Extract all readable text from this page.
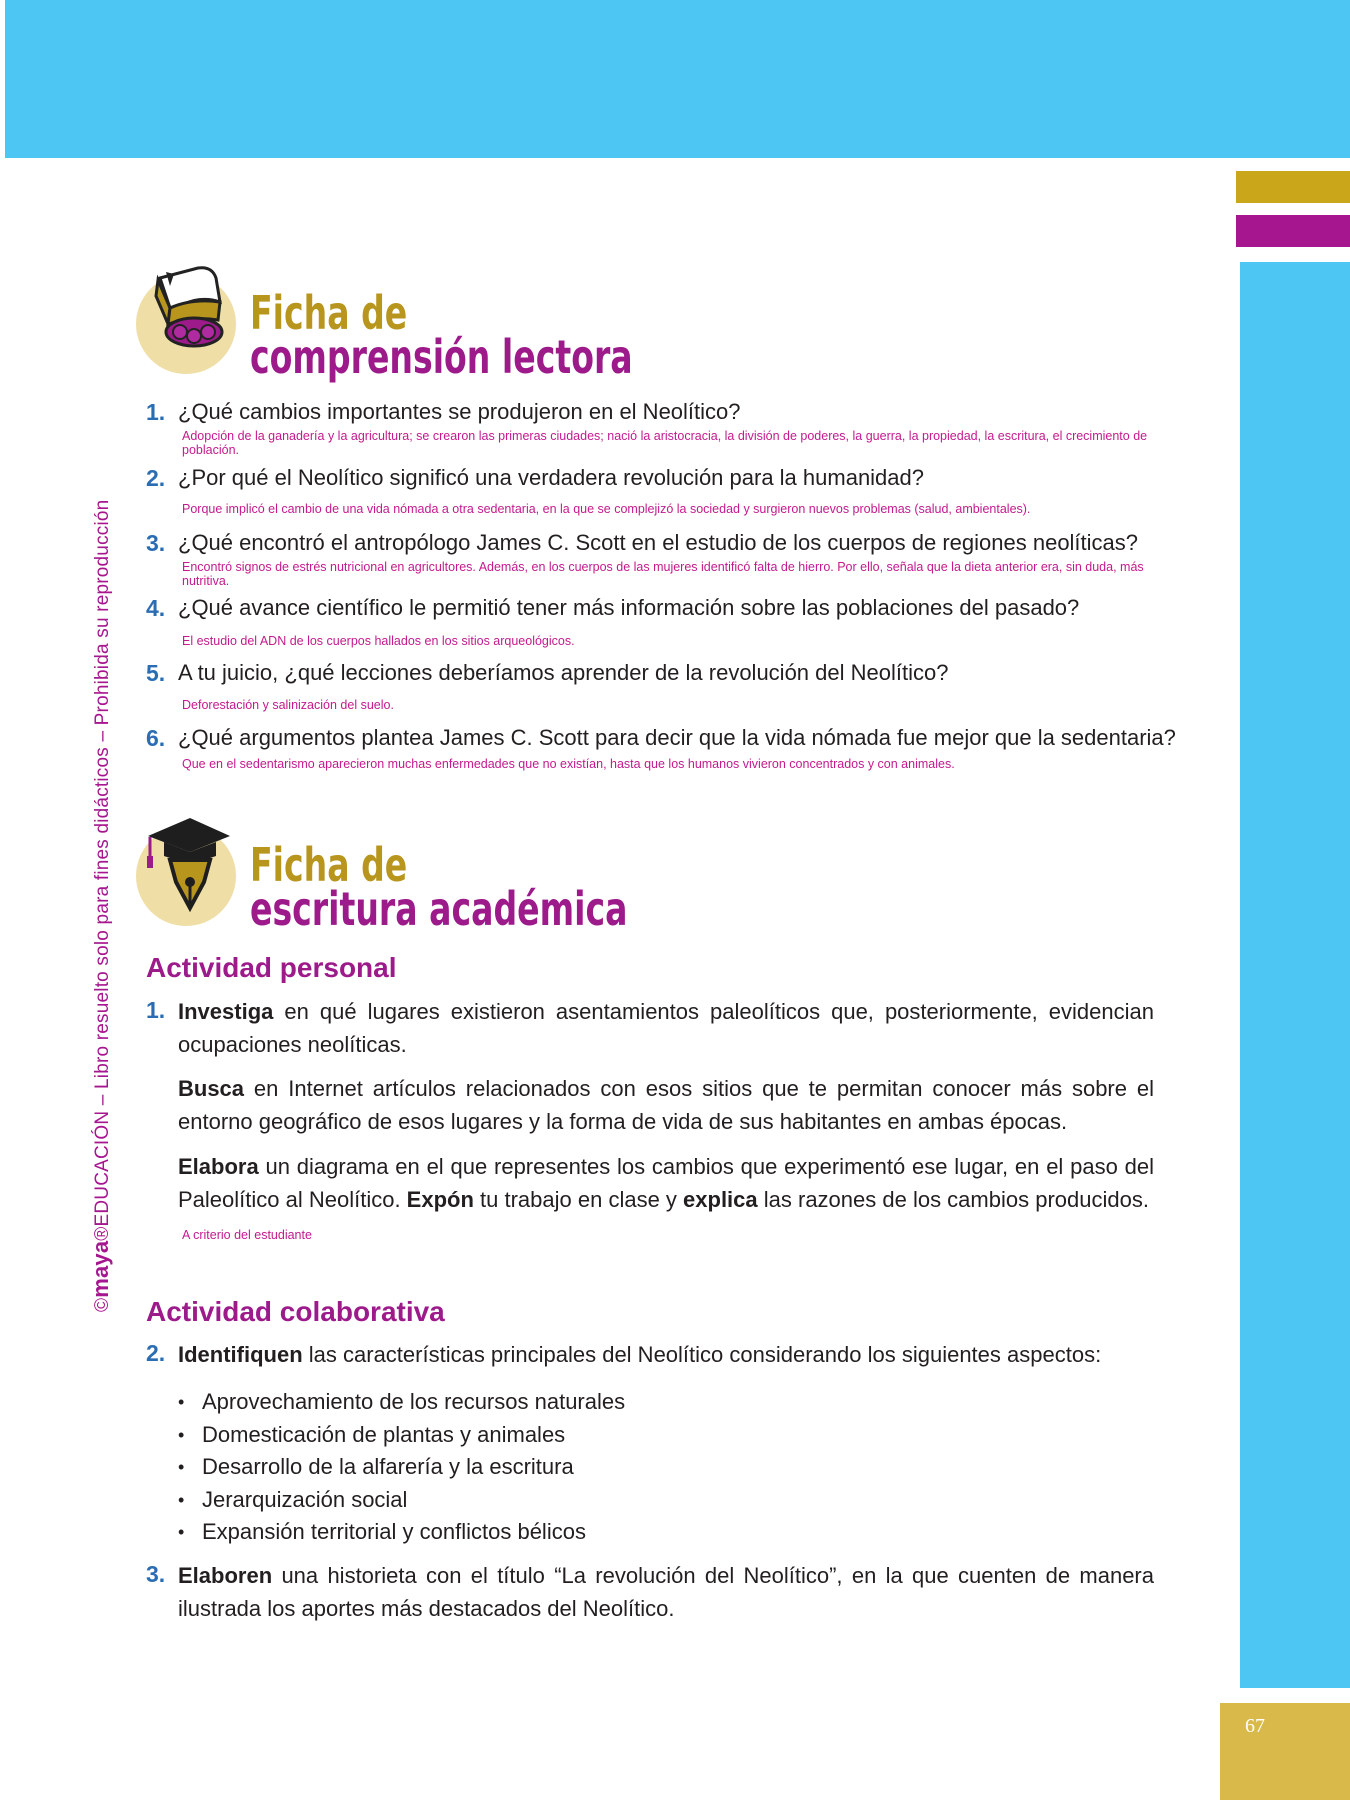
67
©maya®EDUCACIÓN – Libro resuelto solo para fines didácticos – Prohibida su reproducción
Ficha de
comprensión lectora
1. ¿Qué cambios importantes se produjeron en el Neolítico?
Adopción de la ganadería y la agricultura; se crearon las primeras ciudades; nació la aristocracia, la división de poderes, la guerra, la propiedad, la escritura, el crecimiento de población.
2. ¿Por qué el Neolítico significó una verdadera revolución para la humanidad?
Porque implicó el cambio de una vida nómada a otra sedentaria, en la que se complejizó la sociedad y surgieron nuevos problemas (salud, ambientales).
3. ¿Qué encontró el antropólogo James C. Scott en el estudio de los cuerpos de regiones neolíticas?
Encontró signos de estrés nutricional en agricultores. Además, en los cuerpos de las mujeres identificó falta de hierro. Por ello, señala que la dieta anterior era, sin duda, más nutritiva.
4. ¿Qué avance científico le permitió tener más información sobre las poblaciones del pasado?
El estudio del ADN de los cuerpos hallados en los sitios arqueológicos.
5. A tu juicio, ¿qué lecciones deberíamos aprender de la revolución del Neolítico?
Deforestación y salinización del suelo.
6. ¿Qué argumentos plantea James C. Scott para decir que la vida nómada fue mejor que la sedentaria?
Que en el sedentarismo aparecieron muchas enfermedades que no existían, hasta que los humanos vivieron concentrados y con animales.
Ficha de
escritura académica
Actividad personal
1. Investiga en qué lugares existieron asentamientos paleolíticos que, posteriormente, evidencian ocupaciones neolíticas.
Busca en Internet artículos relacionados con esos sitios que te permitan conocer más sobre el entorno geográfico de esos lugares y la forma de vida de sus habitantes en ambas épocas.
Elabora un diagrama en el que representes los cambios que experimentó ese lugar, en el paso del Paleolítico al Neolítico. Expón tu trabajo en clase y explica las razones de los cambios producidos.
A criterio del estudiante
Actividad colaborativa
2. Identifiquen las características principales del Neolítico considerando los siguientes aspectos:
• Aprovechamiento de los recursos naturales
• Domesticación de plantas y animales
• Desarrollo de la alfarería y la escritura
• Jerarquización social
• Expansión territorial y conflictos bélicos
3. Elaboren una historieta con el título “La revolución del Neolítico”, en la que cuenten de manera ilustrada los aportes más destacados del Neolítico.
